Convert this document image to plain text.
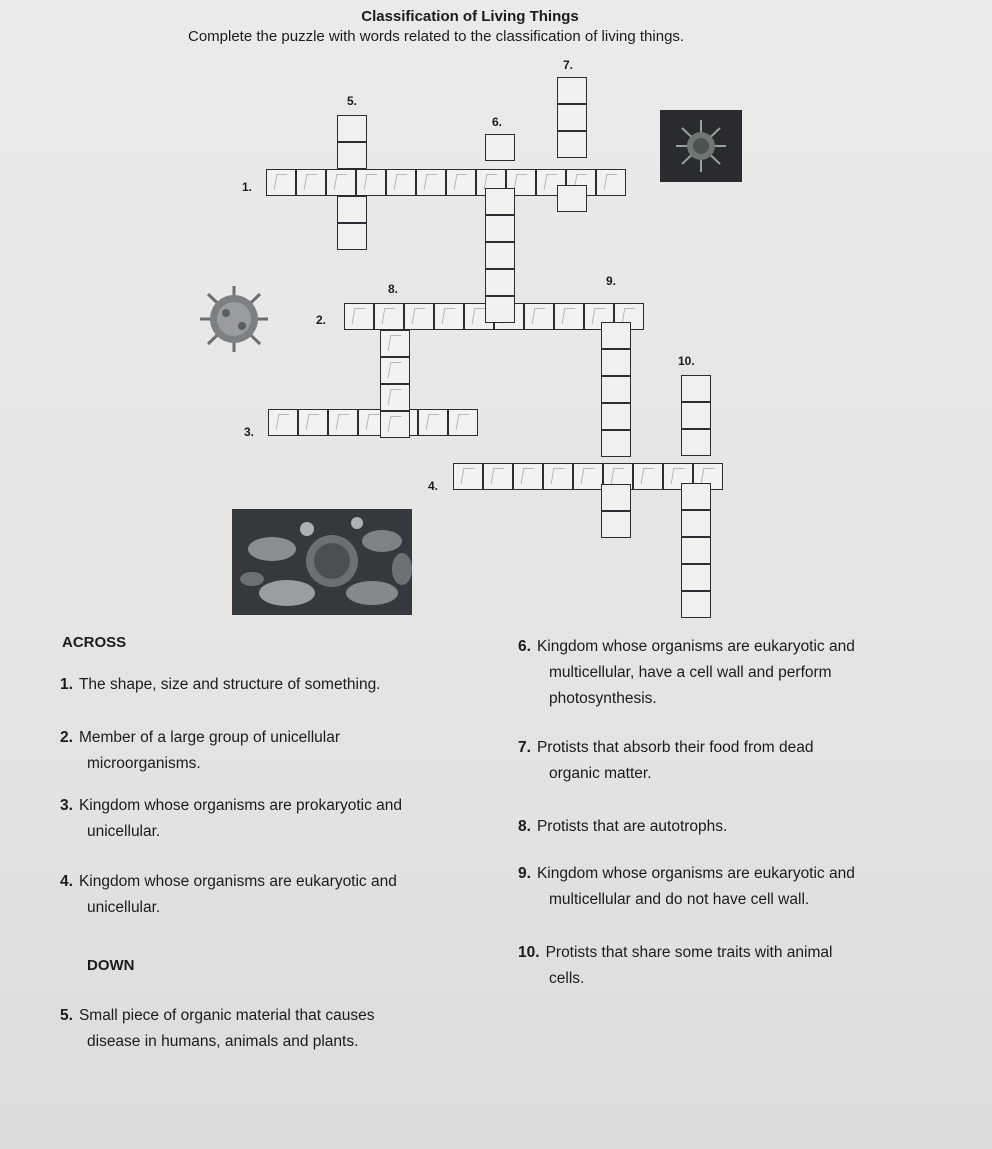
Classification of Living Things
Complete the puzzle with words related to the classification of living things.
1.
2.
3.
4.
5.
6.
7.
8.
9.
10.
ACROSS
DOWN
1. The shape, size and structure of something.
2. Member of a large group of unicellular
microorganisms.
3. Kingdom whose organisms are prokaryotic and
unicellular.
4. Kingdom whose organisms are eukaryotic and
unicellular.
5. Small piece of organic material that causes
disease in humans, animals and plants.
6. Kingdom whose organisms are eukaryotic and
multicellular, have a cell wall and perform
photosynthesis.
7. Protists that absorb their food from dead
organic matter.
8. Protists that are autotrophs.
9. Kingdom whose organisms are eukaryotic and
multicellular and do not have cell wall.
10. Protists that share some traits with animal
cells.
